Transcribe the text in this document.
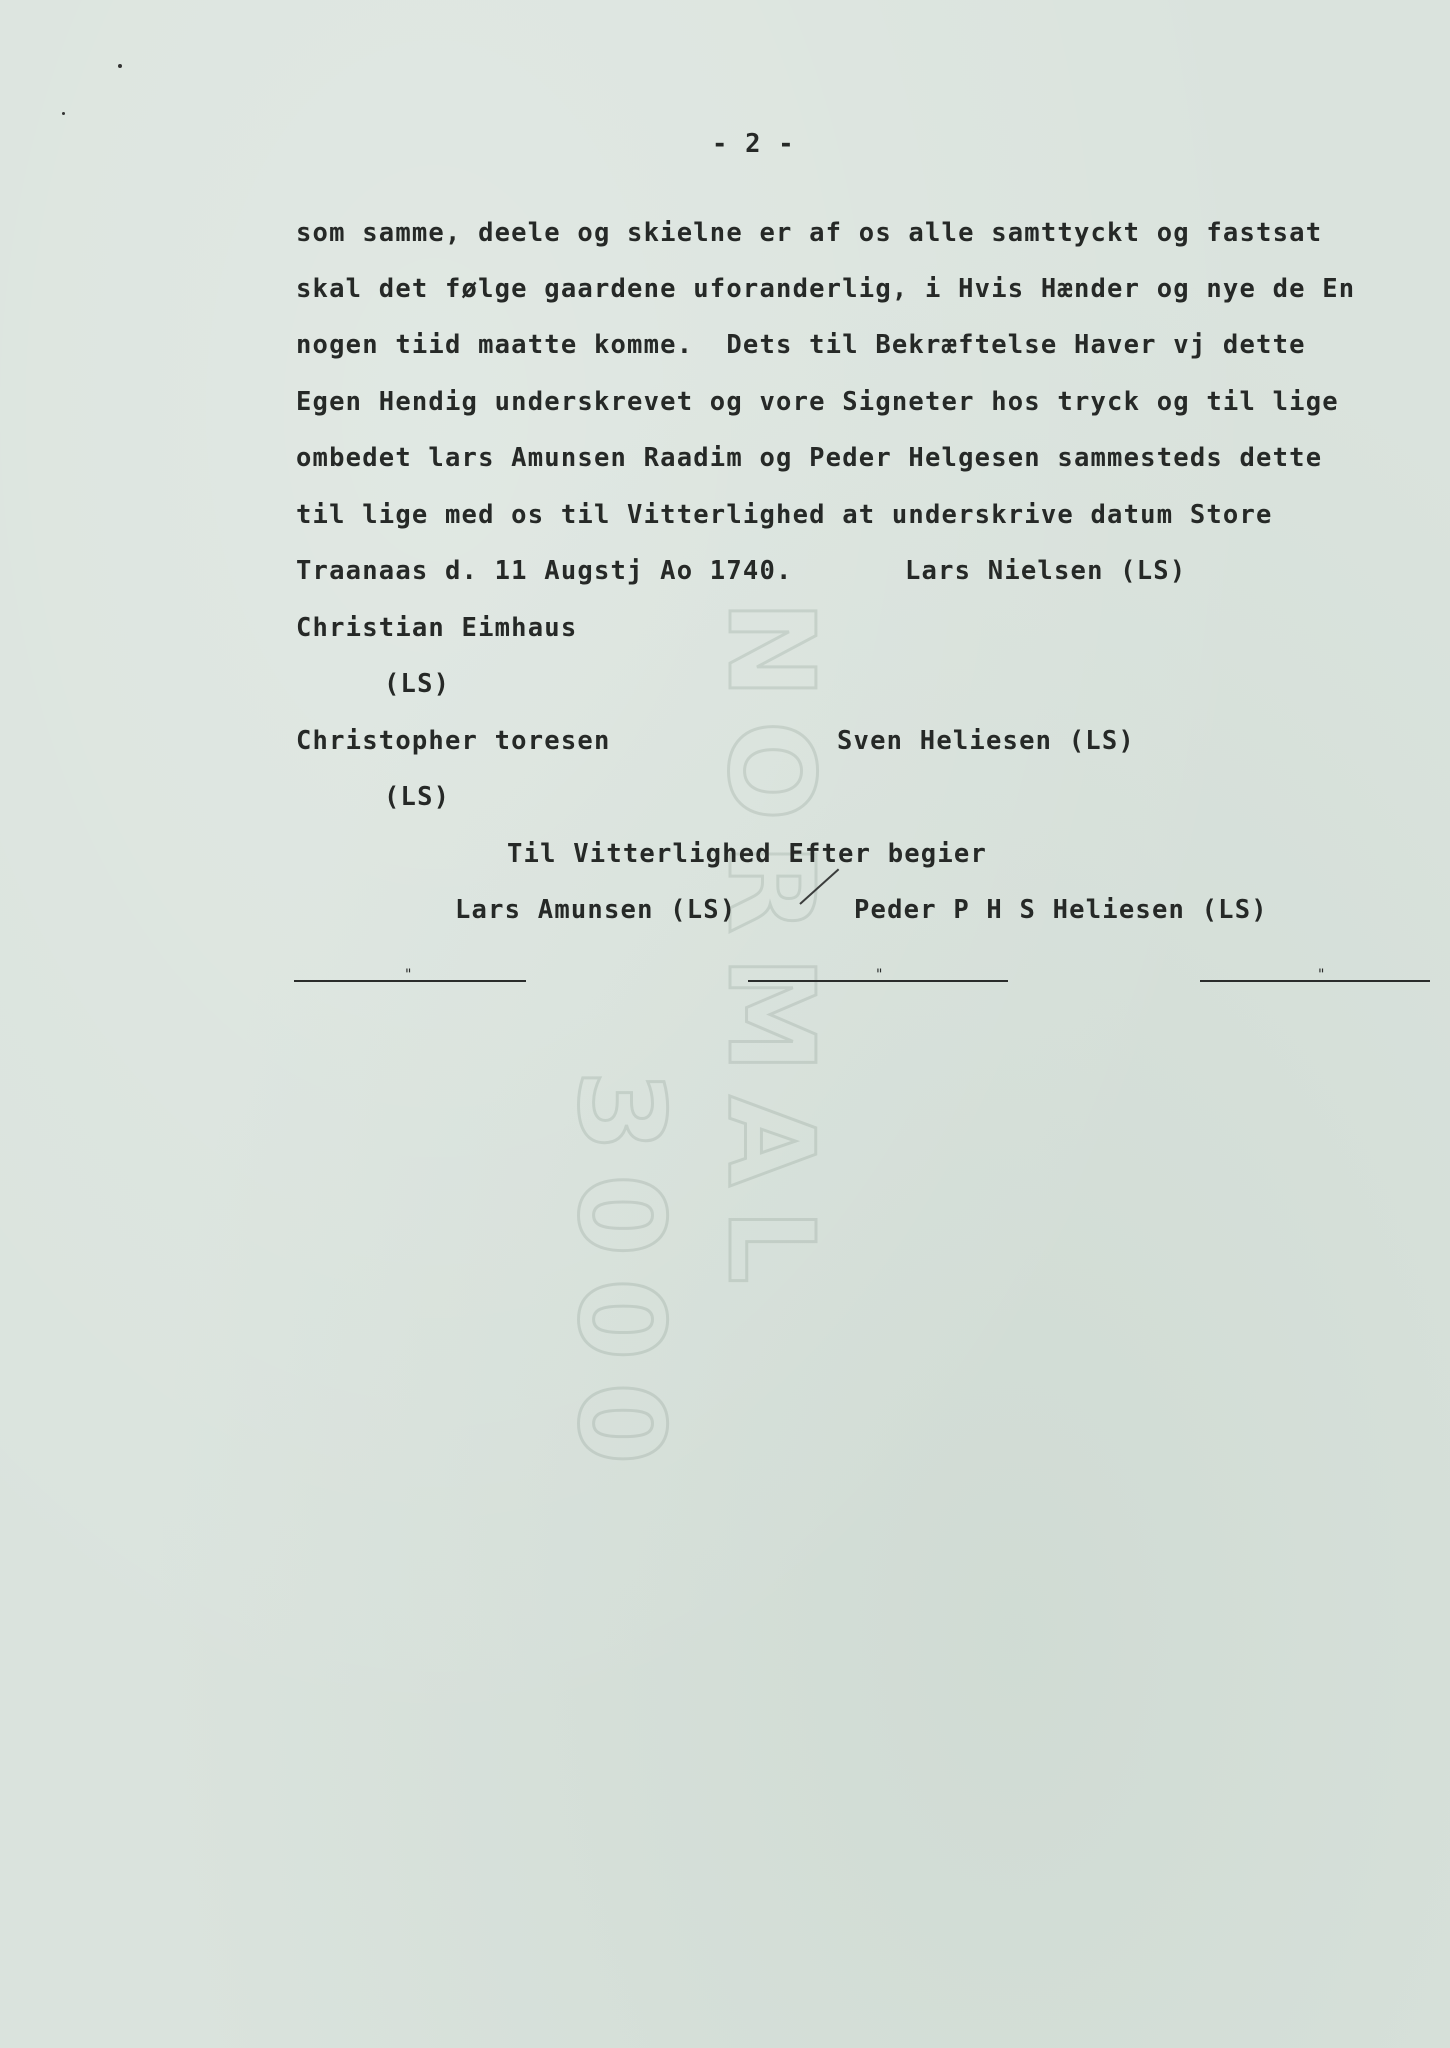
NORMAL
3000
- 2 -
som samme, deele og skielne er af os alle samttyckt og fastsat
skal det følge gaardene uforanderlig, i Hvis Hænder og nye de En
nogen tiid maatte komme.  Dets til Bekræftelse Haver vj dette
Egen Hendig underskrevet og vore Signeter hos tryck og til lige
ombedet lars Amunsen Raadim og Peder Helgesen sammesteds dette
til lige med os til Vitterlighed at underskrive datum Store
Traanaas d. 11 Augstj Ao 1740.	Lars Nielsen (LS)
Christian Eimhaus
(LS)
Christopher toresen	Sven Heliesen (LS)
(LS)
Til Vitterlighed Efter begier
Lars Amunsen (LS)	Peder P H S Heliesen (LS)
"	"	"
